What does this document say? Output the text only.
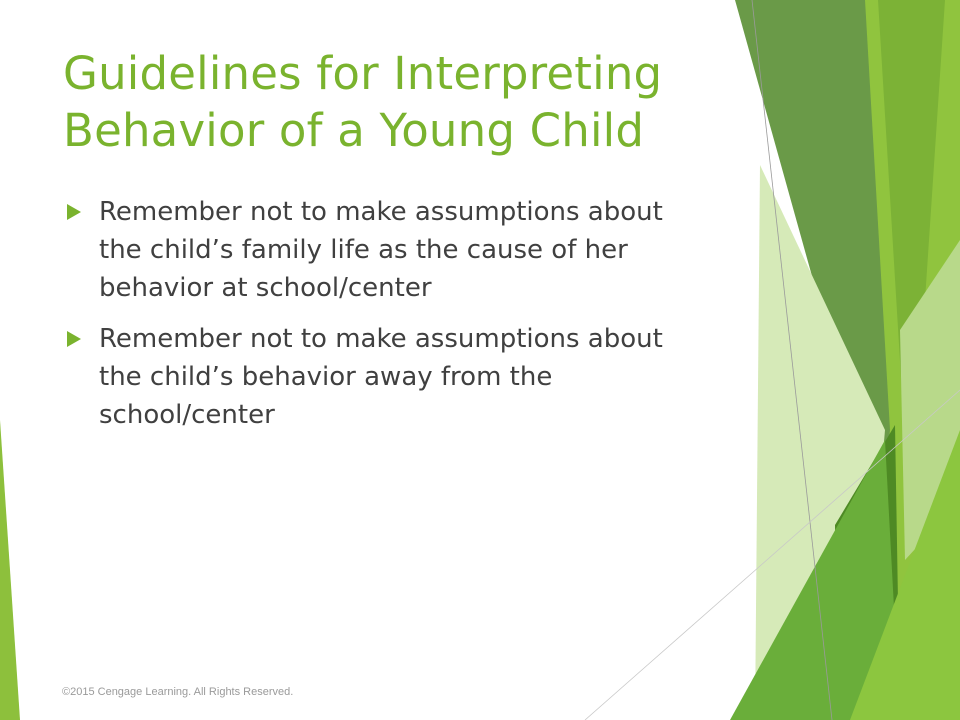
Guidelines for Interpreting
Behavior of a Young Child
Remember not to make assumptions about the child’s family life as the cause of her behavior at school/center
Remember not to make assumptions about the child’s behavior away from the school/center
©2015 Cengage Learning. All Rights Reserved.
